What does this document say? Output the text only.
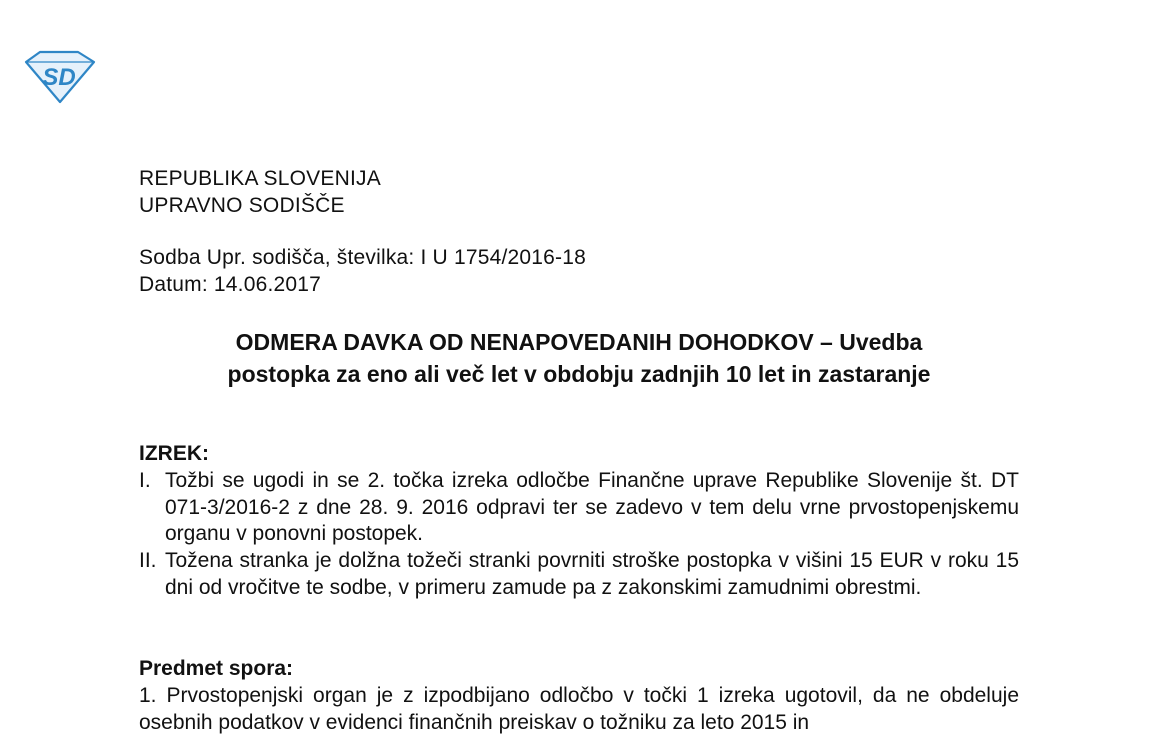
SD
REPUBLIKA SLOVENIJA
UPRAVNO SODIŠČE
Sodba Upr. sodišča, številka: I U 1754/2016-18
Datum: 14.06.2017
ODMERA DAVKA OD NENAPOVEDANIH DOHODKOV – Uvedba
postopka za eno ali več let v obdobju zadnjih 10 let in zastaranje
IZREK:
I. Tožbi se ugodi in se 2. točka izreka odločbe Finančne uprave Republike Slovenije št. DT 071-3/2016-2 z dne 28. 9. 2016 odpravi ter se zadevo v tem delu vrne prvostopenjskemu organu v ponovni postopek.
II. Tožena stranka je dolžna tožeči stranki povrniti stroške postopka v višini 15 EUR v roku 15 dni od vročitve te sodbe, v primeru zamude pa z zakonskimi zamudnimi obrestmi.
Predmet spora:
1. Prvostopenjski organ je z izpodbijano odločbo v točki 1 izreka ugotovil, da ne obdeluje osebnih podatkov v evidenci finančnih preiskav o tožniku za leto 2015 in
